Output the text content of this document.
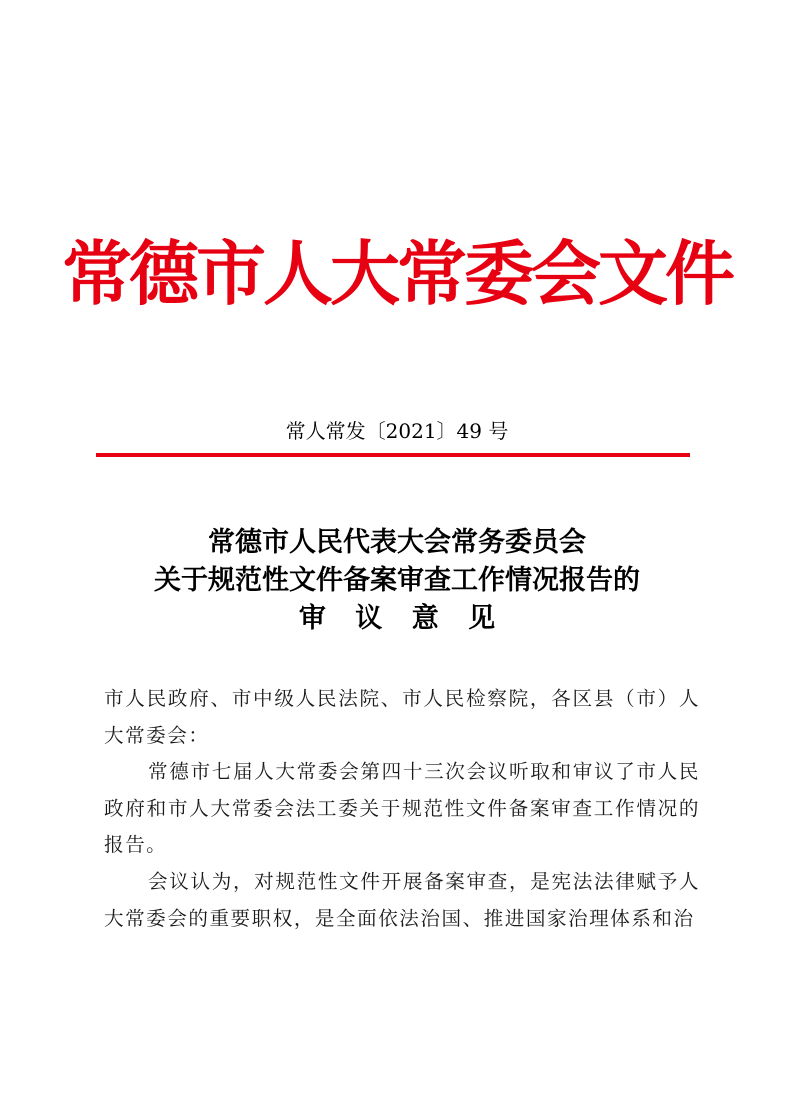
常德市人大常委会文件
常人常发〔2021〕49 号
常德市人民代表大会常务委员会
关于规范性文件备案审查工作情况报告的
审 议 意 见

市人民政府、市中级人民法院、市人民检察院，各区县（市）人大常委会：

常德市七届人大常委会第四十三次会议听取和审议了市人民政府和市人大常委会法工委关于规范性文件备案审查工作情况的报告。

会议认为，对规范性文件开展备案审查，是宪法法律赋予人大常委会的重要职权，是全面依法治国、推进国家治理体系和治
